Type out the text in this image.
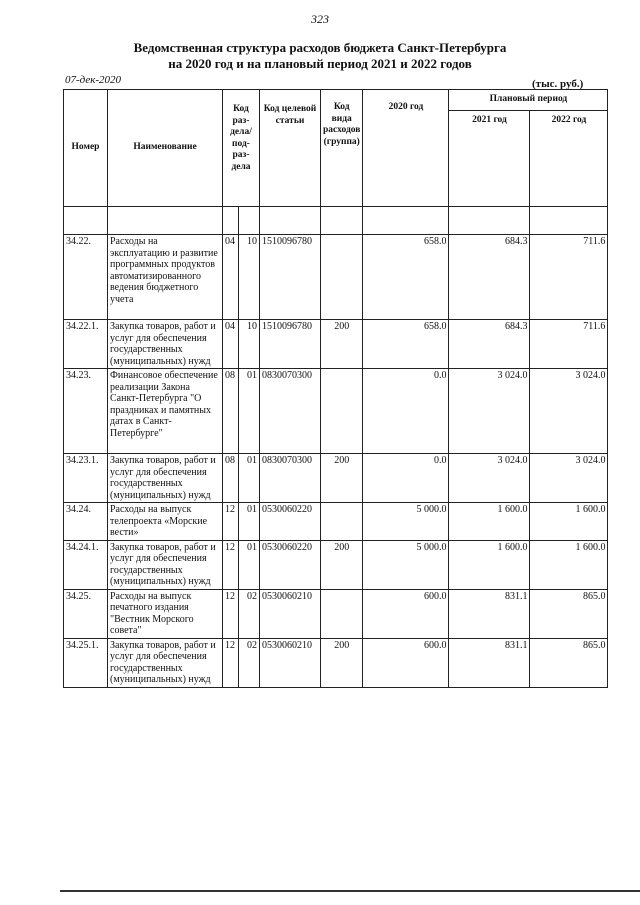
323
Ведомственная структура расходов бюджета Санкт-Петербурга
на 2020 год и на плановый период 2021 и 2022 годов
07-дек-2020	(тыс. руб.)
Номер	Наименование	Код раз- дела/ под- раз- дела		Код целевой статьи	Код вида расходов (группа)	2020 год	Плановый период	
							2021 год	2022 год

34.22.	Расходы на эксплуатацию и развитие программных продуктов автоматизированного ведения бюджетного учета	04	10	1510096780		658.0	684.3	711.6
34.22.1.	Закупка товаров, работ и услуг для обеспечения государственных (муниципальных) нужд	04	10	1510096780	200	658.0	684.3	711.6
34.23.	Финансовое обеспечение реализации Закона Санкт-Петербурга "О праздниках и памятных датах в Санкт-Петербурге"	08	01	0830070300		0.0	3 024.0	3 024.0
34.23.1.	Закупка товаров, работ и услуг для обеспечения государственных (муниципальных) нужд	08	01	0830070300	200	0.0	3 024.0	3 024.0
34.24.	Расходы на выпуск телепроекта «Морские вести»	12	01	0530060220		5 000.0	1 600.0	1 600.0
34.24.1.	Закупка товаров, работ и услуг для обеспечения государственных (муниципальных) нужд	12	01	0530060220	200	5 000.0	1 600.0	1 600.0
34.25.	Расходы на выпуск печатного издания "Вестник Морского совета"	12	02	0530060210		600.0	831.1	865.0
34.25.1.	Закупка товаров, работ и услуг для обеспечения государственных (муниципальных) нужд	12	02	0530060210	200	600.0	831.1	865.0
